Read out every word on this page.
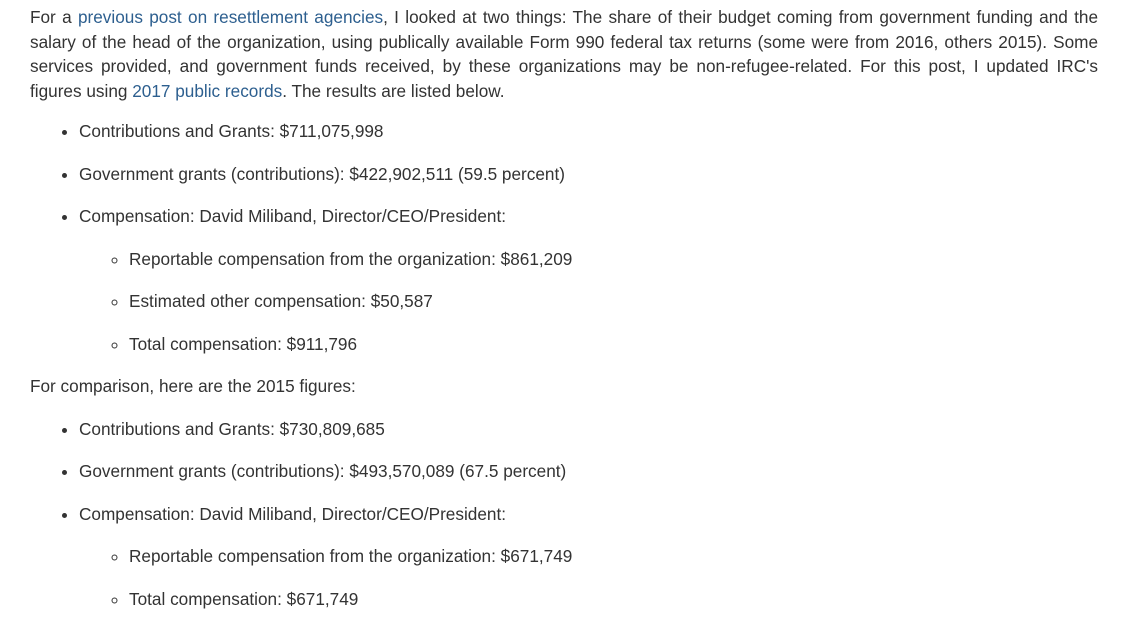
For a previous post on resettlement agencies, I looked at two things: The share of their budget coming from government funding and the salary of the head of the organization, using publically available Form 990 federal tax returns (some were from 2016, others 2015). Some services provided, and government funds received, by these organizations may be non-refugee-related. For this post, I updated IRC's figures using 2017 public records. The results are listed below.

• Contributions and Grants: $711,075,998
• Government grants (contributions): $422,902,511 (59.5 percent)
• Compensation: David Miliband, Director/CEO/President:
◦ Reportable compensation from the organization: $861,209
◦ Estimated other compensation: $50,587
◦ Total compensation: $911,796

For comparison, here are the 2015 figures:

• Contributions and Grants: $730,809,685
• Government grants (contributions): $493,570,089 (67.5 percent)
• Compensation: David Miliband, Director/CEO/President:
◦ Reportable compensation from the organization: $671,749
◦ Total compensation: $671,749
